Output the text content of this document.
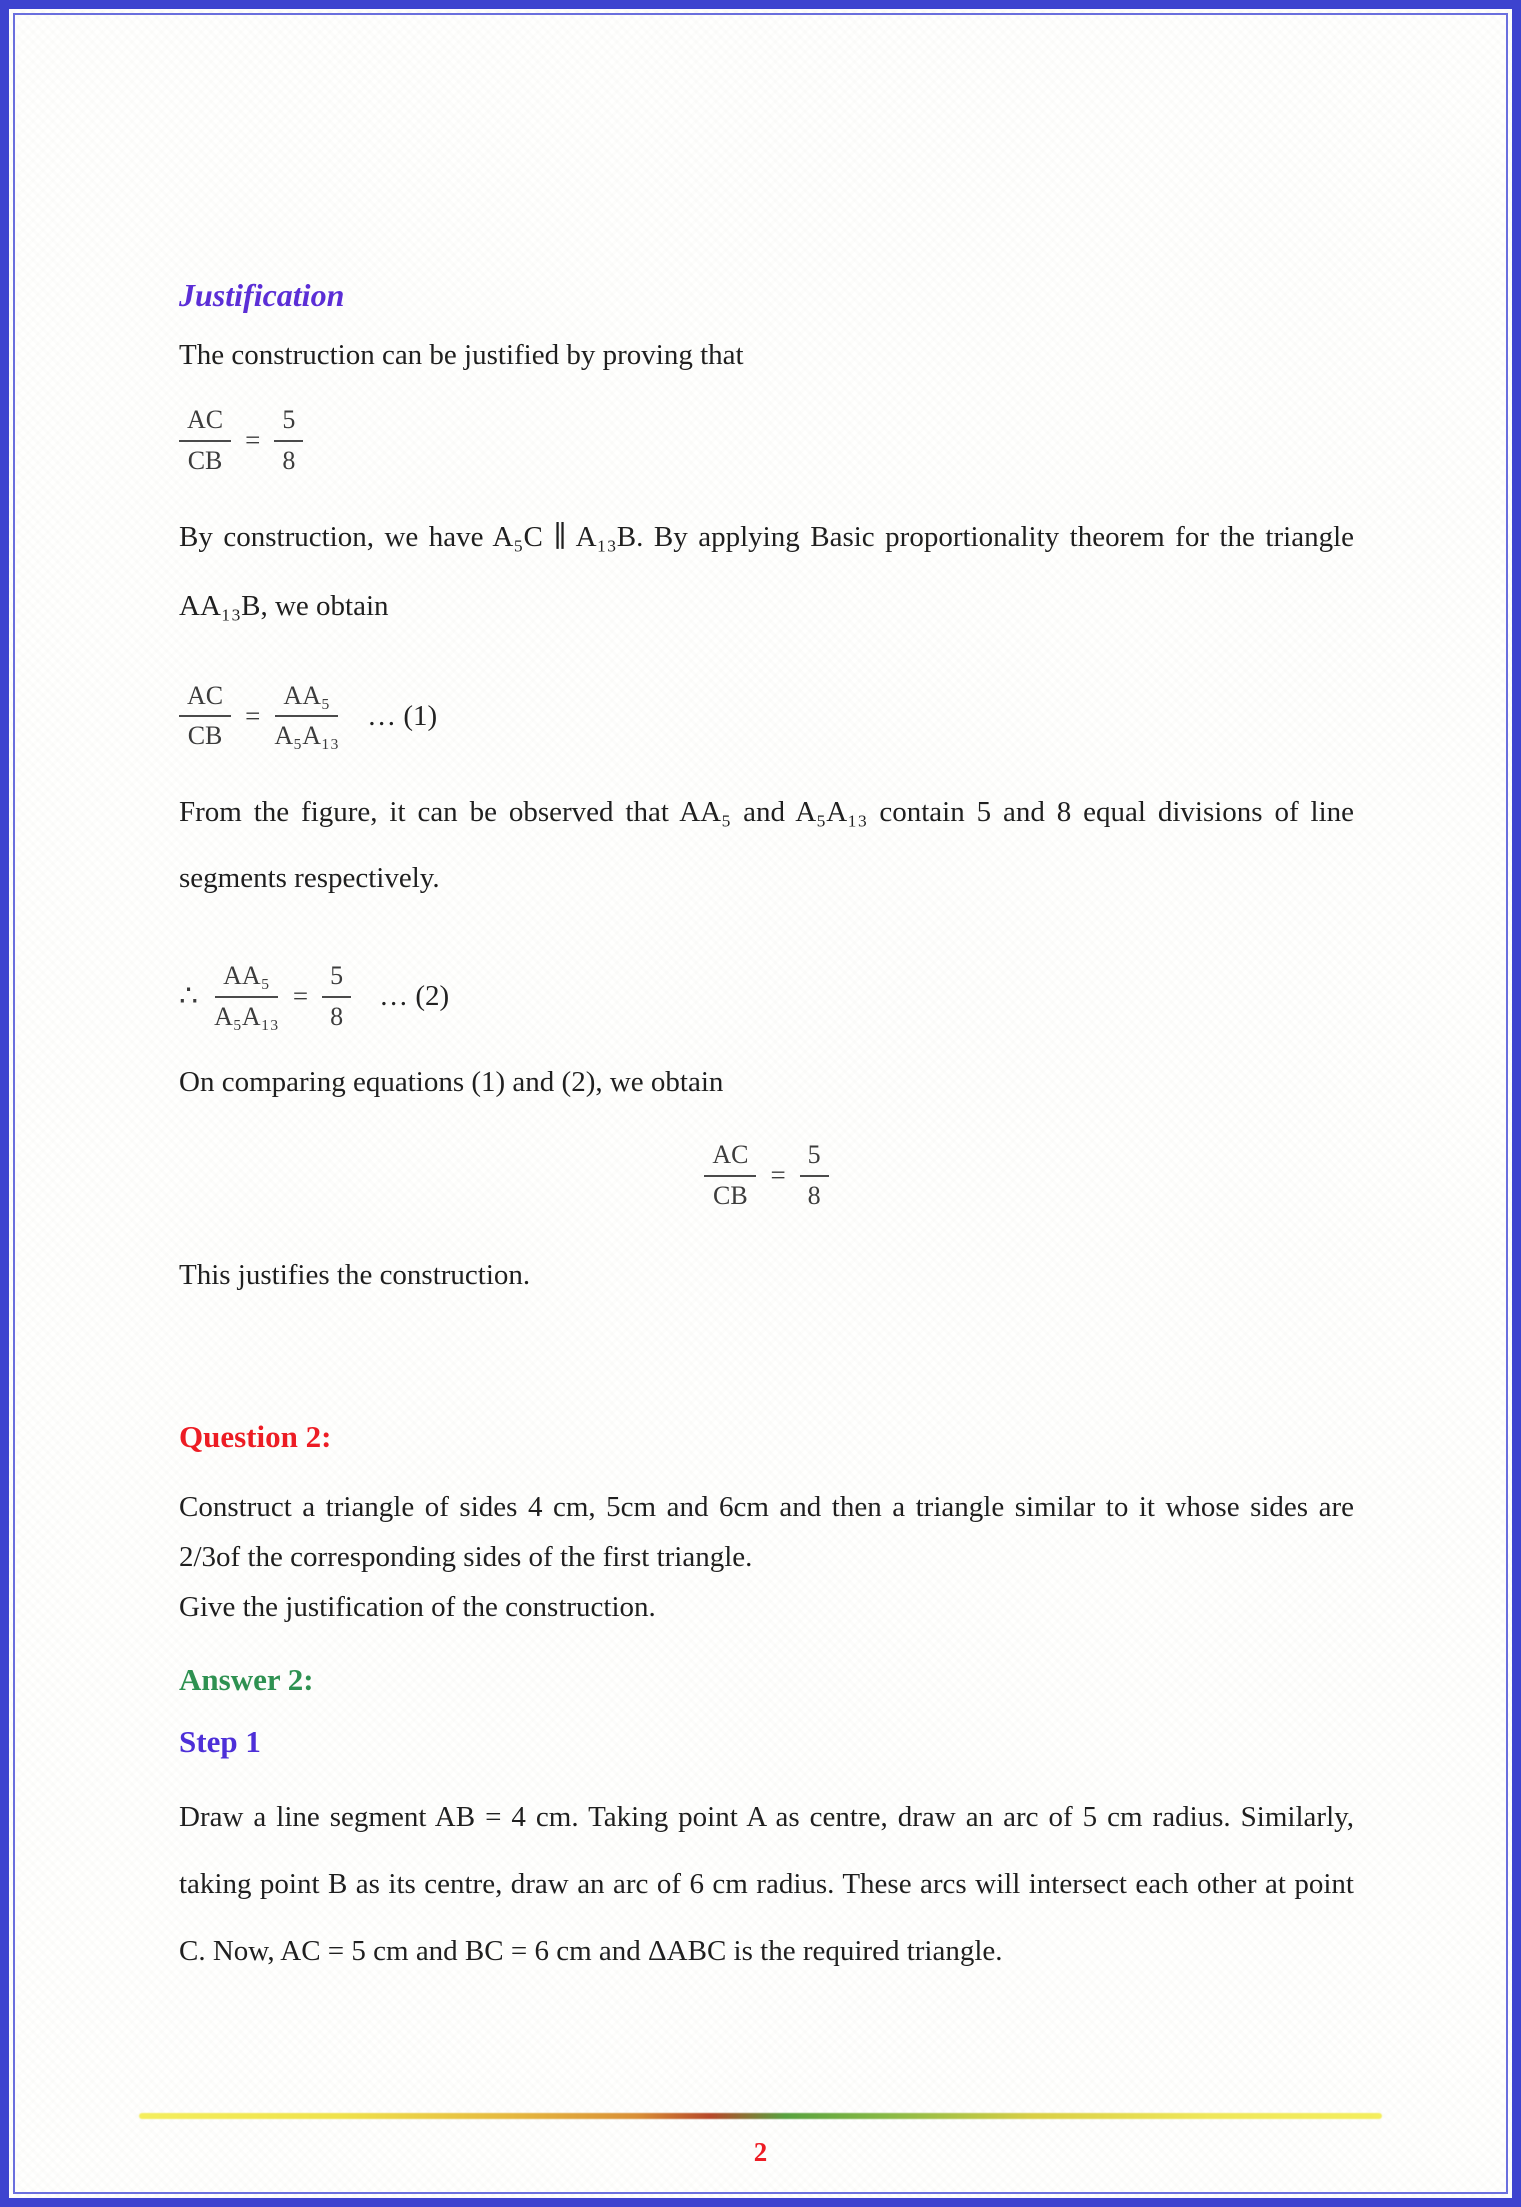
Justification

The construction can be justified by proving that

$\frac{AC}{CB} = \frac{5}{8}$

By construction, we have A₅C ∥ A₁₃B. By applying Basic proportionality theorem for the triangle AA₁₃B, we obtain

$\frac{AC}{CB} = \frac{\text{AA₅}}{\text{A₅A₁₃}}$ … (1)

From the figure, it can be observed that AA₅ and A₅A₁₃ contain 5 and 8 equal divisions of line segments respectively.

∴ $\frac{\text{AA₅}}{\text{A₅A₁₃}} = \frac{5}{8}$ … (2)

On comparing equations (1) and (2), we obtain

$\frac{AC}{CB} = \frac{5}{8}$

This justifies the construction.

Question 2:

Construct a triangle of sides 4 cm, 5cm and 6cm and then a triangle similar to it whose sides are 2/3of the corresponding sides of the first triangle.

Give the justification of the construction.

Answer 2:
Step 1

Draw a line segment AB = 4 cm. Taking point A as centre, draw an arc of 5 cm radius. Similarly, taking point B as its centre, draw an arc of 6 cm radius. These arcs will intersect each other at point C. Now, AC = 5 cm and BC = 6 cm and ΔABC is the required triangle.

2
